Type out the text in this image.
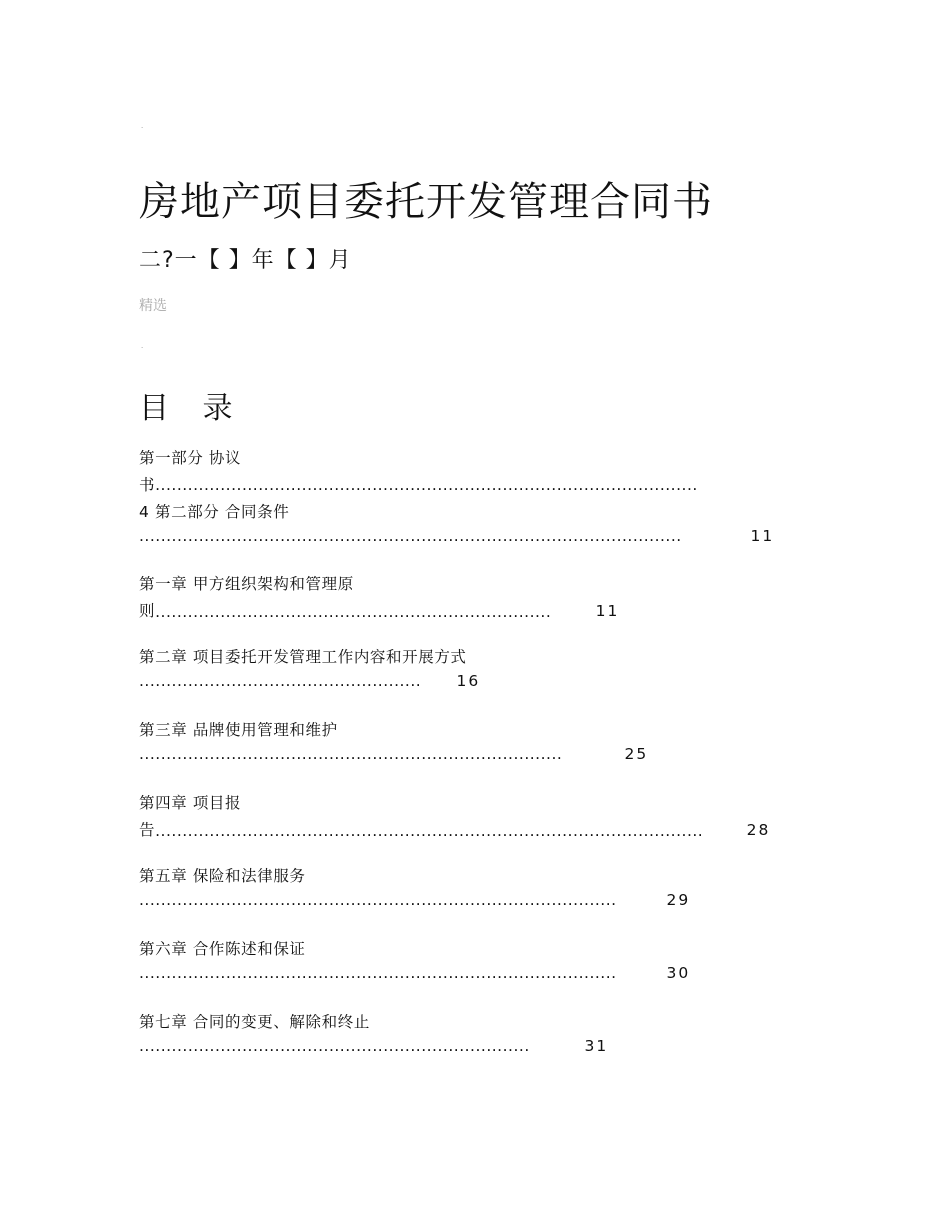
·
房地产项目委托开发管理合同书
二?一【 】年【 】月
精选
·
目 录
第一部分 协议
书....................................................................................................
4 第二部分 合同条件
....................................................................................................	11
第一章 甲方组织架构和管理原
则.........................................................................	11
第二章 项目委托开发管理工作内容和开展方式
.................................................... 16
第三章 品牌使用管理和维护
..............................................................................	25
第四章 项目报
告.....................................................................................................	28
第五章 保险和法律服务
........................................................................................	29
第六章 合作陈述和保证
........................................................................................	30
第七章 合同的变更、解除和终止
........................................................................	31
